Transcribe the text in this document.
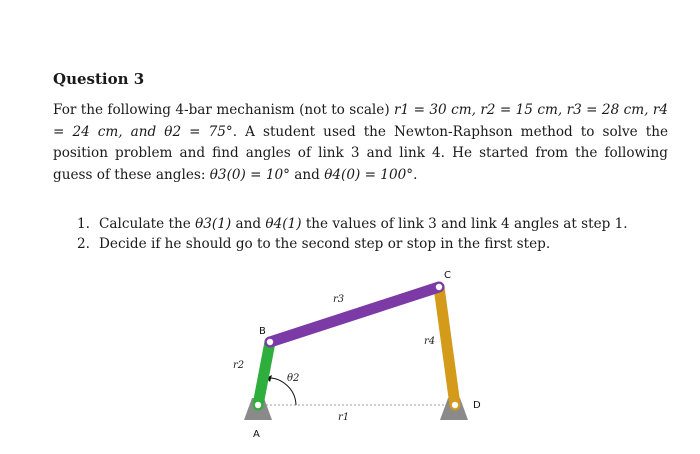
Question 3

For the following 4-bar mechanism (not to scale) r1 = 30 cm, r2 = 15 cm, r3 = 28 cm, r4 = 24 cm, and θ2 = 75°. A student used the Newton-Raphson method to solve the position problem and find angles of link 3 and link 4. He started from the following guess of these angles: θ3(0) = 10° and θ4(0) = 100°.

1. Calculate the θ3(1) and θ4(1) the values of link 3 and link 4 angles at step 1.
2. Decide if he should go to the second step or stop in the first step.
A
B
C
D
r1
r2
r3
r4
θ2
